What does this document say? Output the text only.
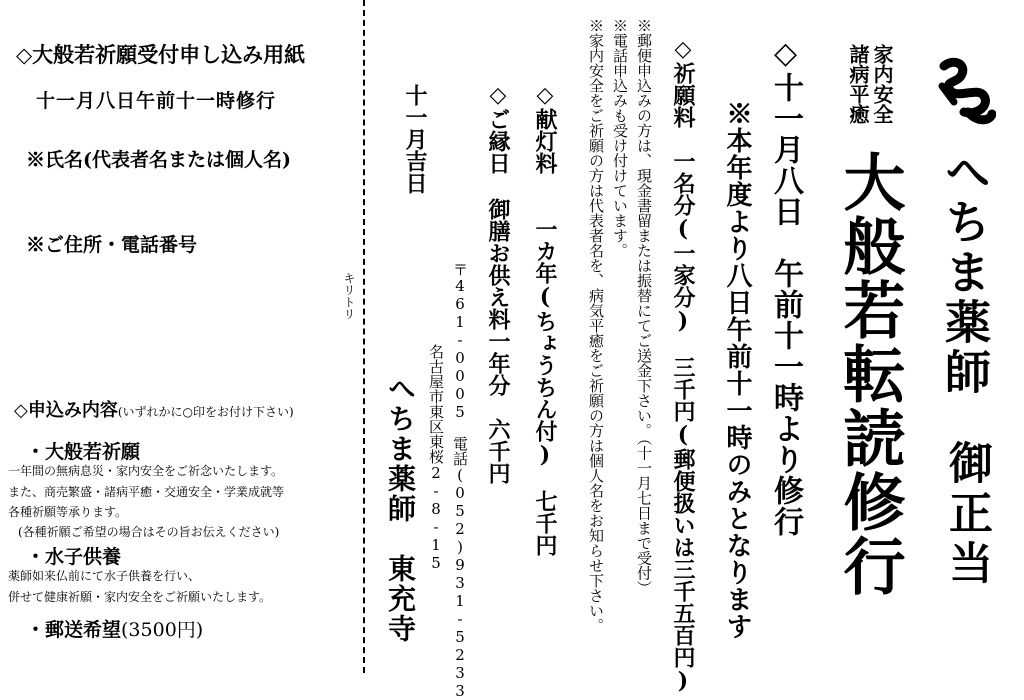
へちま薬師
御正当
家内安全
諸病平癒
大般若転読修行
◇十一月八日　午前十一時より修行
※本年度より八日午前十一時のみとなります
◇祈願料　一名分(一家分)　三千円(郵便扱いは三千五百円)
※郵便申込みの方は、現金書留または振替にてご送金下さい。（十一月七日まで受付）
※電話申込みも受け付けています。
※家内安全をご祈願の方は代表者名を、病気平癒をご祈願の方は個人名をお知らせ下さい。
◇献灯料　　一カ年(ちょうちん付)　七千円
◇ご縁日
御膳お供え料一年分　六千円
〒461-0005　電話(052)931-5233
名古屋市東区東桜2-8-15
十一月吉日
へちま薬師　東充寺
キリトリ
◇大般若祈願受付申し込み用紙
十一月八日午前十一時修行
※氏名(代表者名または個人名)
※ご住所・電話番号
◇申込み内容(いずれかに○印をお付け下さい)
・大般若祈願
一年間の無病息災・家内安全をご祈念いたします。
また、商売繁盛・諸病平癒・交通安全・学業成就等
各種祈願等承ります。
(各種祈願ご希望の場合はその旨お伝えください)
・水子供養
薬師如来仏前にて水子供養を行い、
併せて健康祈願・家内安全をご祈願いたします。
・郵送希望(3500円)
